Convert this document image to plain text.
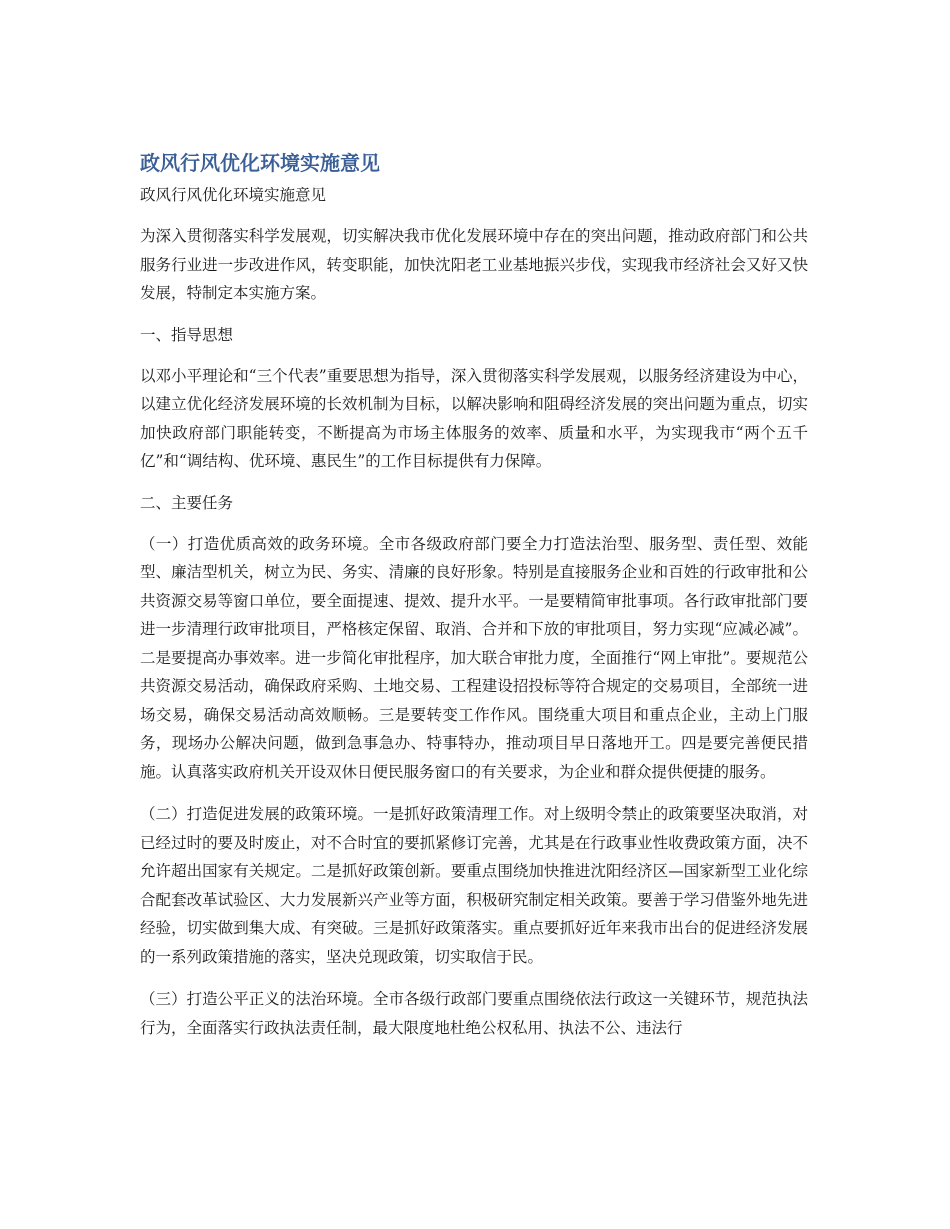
政风行风优化环境实施意见
政风行风优化环境实施意见

为深入贯彻落实科学发展观，切实解决我市优化发展环境中存在的突出问题，推动政府部门和公共服务行业进一步改进作风，转变职能，加快沈阳老工业基地振兴步伐，实现我市经济社会又好又快发展，特制定本实施方案。

一、指导思想

以邓小平理论和“三个代表”重要思想为指导，深入贯彻落实科学发展观，以服务经济建设为中心，以建立优化经济发展环境的长效机制为目标，以解决影响和阻碍经济发展的突出问题为重点，切实加快政府部门职能转变，不断提高为市场主体服务的效率、质量和水平，为实现我市“两个五千亿”和“调结构、优环境、惠民生”的工作目标提供有力保障。

二、主要任务

（一）打造优质高效的政务环境。全市各级政府部门要全力打造法治型、服务型、责任型、效能型、廉洁型机关，树立为民、务实、清廉的良好形象。特别是直接服务企业和百姓的行政审批和公共资源交易等窗口单位，要全面提速、提效、提升水平。一是要精简审批事项。各行政审批部门要进一步清理行政审批项目，严格核定保留、取消、合并和下放的审批项目，努力实现“应减必减”。二是要提高办事效率。进一步简化审批程序，加大联合审批力度，全面推行“网上审批”。要规范公共资源交易活动，确保政府采购、土地交易、工程建设招投标等符合规定的交易项目，全部统一进场交易，确保交易活动高效顺畅。三是要转变工作作风。围绕重大项目和重点企业，主动上门服务，现场办公解决问题，做到急事急办、特事特办，推动项目早日落地开工。四是要完善便民措施。认真落实政府机关开设双休日便民服务窗口的有关要求，为企业和群众提供便捷的服务。

（二）打造促进发展的政策环境。一是抓好政策清理工作。对上级明令禁止的政策要坚决取消，对已经过时的要及时废止，对不合时宜的要抓紧修订完善，尤其是在行政事业性收费政策方面，决不允许超出国家有关规定。二是抓好政策创新。要重点围绕加快推进沈阳经济区—国家新型工业化综合配套改革试验区、大力发展新兴产业等方面，积极研究制定相关政策。要善于学习借鉴外地先进经验，切实做到集大成、有突破。三是抓好政策落实。重点要抓好近年来我市出台的促进经济发展的一系列政策措施的落实，坚决兑现政策，切实取信于民。

（三）打造公平正义的法治环境。全市各级行政部门要重点围绕依法行政这一关键环节，规范执法行为，全面落实行政执法责任制，最大限度地杜绝公权私用、执法不公、违法行
